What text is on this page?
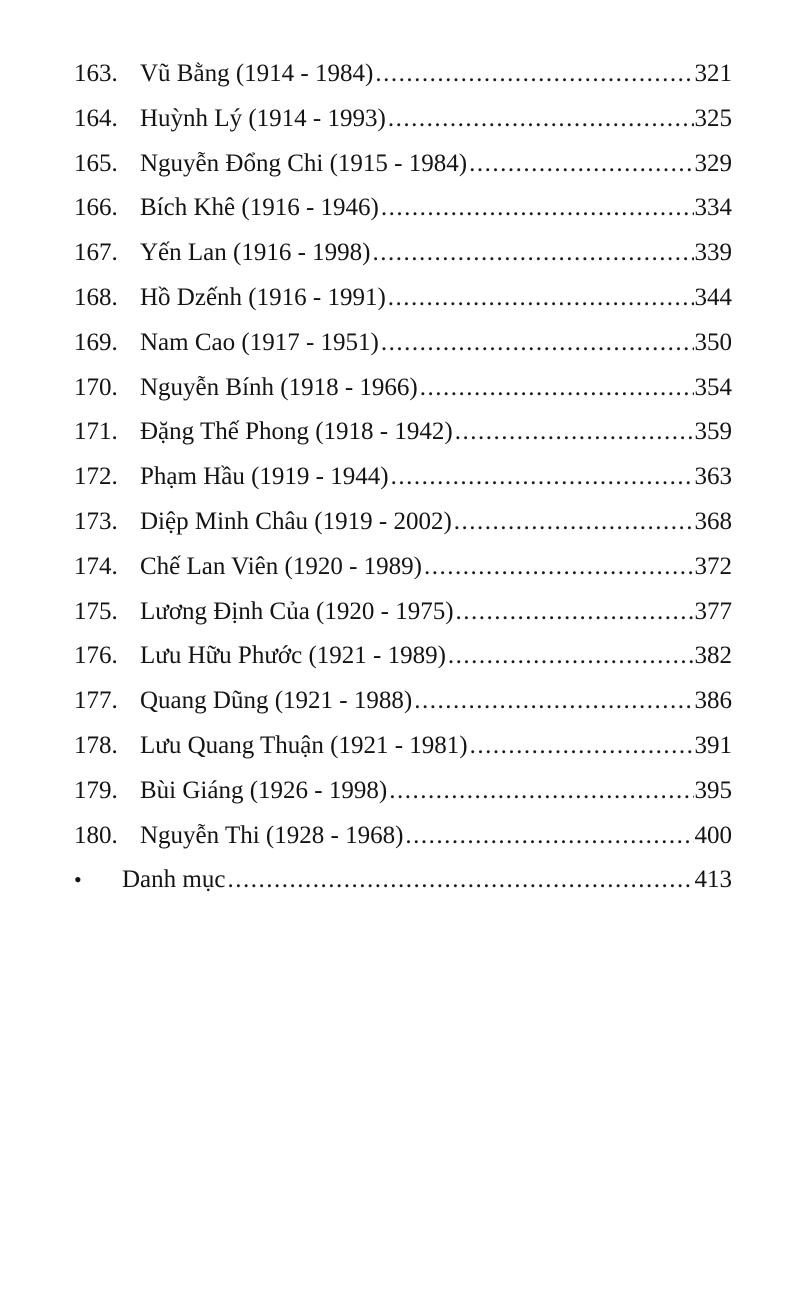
163. Vũ Bằng (1914 - 1984) .....	321
164. Huỳnh Lý (1914 - 1993) .....	325
165. Nguyễn Đổng Chi (1915 - 1984) .....	329
166. Bích Khê (1916 - 1946) .....	334
167. Yến Lan (1916 - 1998) .....	339
168. Hồ Dzếnh (1916 - 1991) .....	344
169. Nam Cao (1917 - 1951) .....	350
170. Nguyễn Bính (1918 - 1966) .....	354
171. Đặng Thế Phong (1918 - 1942) .....	359
172. Phạm Hầu (1919 - 1944) .....	363
173. Diệp Minh Châu (1919 - 2002) .....	368
174. Chế Lan Viên (1920 - 1989) .....	372
175. Lương Định Của (1920 - 1975) .....	377
176. Lưu Hữu Phước (1921 - 1989) .....	382
177. Quang Dũng (1921 - 1988) .....	386
178. Lưu Quang Thuận (1921 - 1981) .....	391
179. Bùi Giáng (1926 - 1998) .....	395
180. Nguyễn Thi (1928 - 1968) .....	400
•	Danh mục .....	413
